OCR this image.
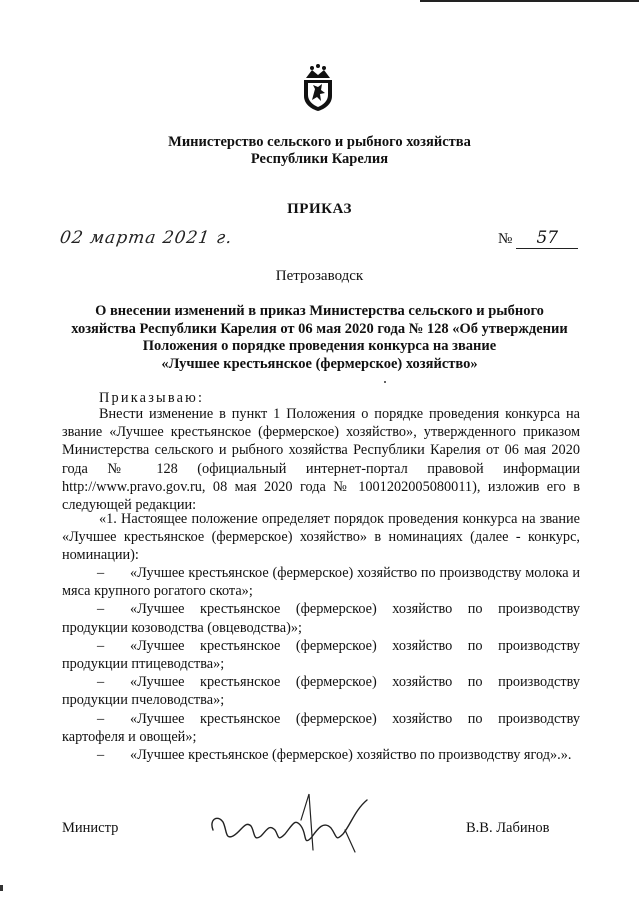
Министерство сельского и рыбного хозяйства
Республики Карелия
ПРИКАЗ
02 марта 2021 г.	№ 57
Петрозаводск
О внесении изменений в приказ Министерства сельского и рыбного
хозяйства Республики Карелия от 06 мая 2020 года № 128 «Об утверждении
Положения о порядке проведения конкурса на звание
«Лучшее крестьянское (фермерское) хозяйство»
Приказываю:
Внести изменение в пункт 1 Положения о порядке проведения конкурса на звание «Лучшее крестьянское (фермерское) хозяйство», утвержденного приказом Министерства сельского и рыбного хозяйства Республики Карелия от 06 мая 2020 года № 128 (официальный интернет-портал правовой информации http://www.pravo.gov.ru, 08 мая 2020 года № 1001202005080011), изложив его в следующей редакции:
«1. Настоящее положение определяет порядок проведения конкурса на звание «Лучшее крестьянское (фермерское) хозяйство» в номинациях (далее - конкурс, номинации):
– «Лучшее крестьянское (фермерское) хозяйство по производству молока и мяса крупного рогатого скота»;
– «Лучшее крестьянское (фермерское) хозяйство по производству продукции козоводства (овцеводства)»;
– «Лучшее крестьянское (фермерское) хозяйство по производству продукции птицеводства»;
– «Лучшее крестьянское (фермерское) хозяйство по производству продукции пчеловодства»;
– «Лучшее крестьянское (фермерское) хозяйство по производству картофеля и овощей»;
– «Лучшее крестьянское (фермерское) хозяйство по производству ягод».».
Министр	В.В. Лабинов
